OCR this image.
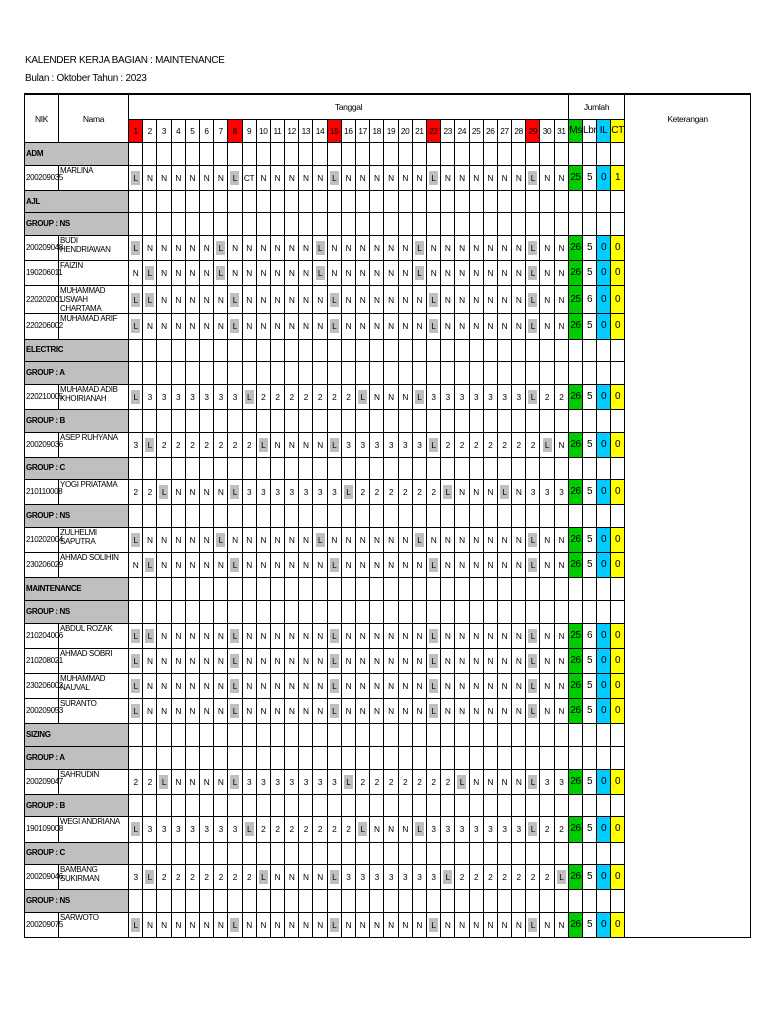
KALENDER KERJA BAGIAN : MAINTENANCE
Bulan : Oktober Tahun : 2023
NIK	Nama	Tanggal																															Jumlah				Keterangan
		1	2	3	4	5	6	7	8	9	10	11	12	13	14	15	16	17	18	19	20	21	22	23	24	25	26	27	28	29	30	31	Ms	Lbr	IL	CT	
ADM																																					
200209035	MARLINA	L	N	N	N	N	N	N	L	CT	N	N	N	N	N	L	N	N	N	N	N	N	L	N	N	N	N	N	N	L	N	N	25	5	0	1	
AJL																																					
GROUP : NS																																					
200209048	BUDI HENDRIAWAN	L	N	N	N	N	N	L	N	N	N	N	N	N	L	N	N	N	N	N	N	L	N	N	N	N	N	N	N	L	N	N	26	5	0	0	
190206011	FAIZIN	N	L	N	N	N	N	L	N	N	N	N	N	N	L	N	N	N	N	N	N	L	N	N	N	N	N	N	N	L	N	N	26	5	0	0	
220202001	MUHAMMAD USWAH CHARTAMA	L	L	N	N	N	N	N	L	N	N	N	N	N	N	L	N	N	N	N	N	N	L	N	N	N	N	N	N	L	N	N	25	6	0	0	
220206002	MUHAMAD ARIF	L	N	N	N	N	N	N	L	N	N	N	N	N	N	L	N	N	N	N	N	N	L	N	N	N	N	N	N	L	N	N	26	5	0	0	
ELECTRIC																																					
GROUP : A																																					
220210005	MUHAMAD ADIB KHOIRIANAH	L	3	3	3	3	3	3	3	L	2	2	2	2	2	2	2	L	N	N	N	L	3	3	3	3	3	3	3	L	2	2	26	5	0	0	
GROUP : B																																					
200209036	ASEP RUHYANA	3	L	2	2	2	2	2	2	2	L	N	N	N	N	L	3	3	3	3	3	3	L	2	2	2	2	2	2	2	L	N	26	5	0	0	
GROUP : C																																					
210110008	YOGI PRIATAMA	2	2	L	N	N	N	N	L	3	3	3	3	3	3	3	L	2	2	2	2	2	2	L	N	N	N	L	N	3	3	3	26	5	0	0	
GROUP : NS																																					
210202004	ZULHELMI SAPUTRA	L	N	N	N	N	N	L	N	N	N	N	N	N	L	N	N	N	N	N	N	L	N	N	N	N	N	N	N	L	N	N	26	5	0	0	
230206029	AHMAD SOLIHIN	N	L	N	N	N	N	N	L	N	N	N	N	N	N	L	N	N	N	N	N	N	L	N	N	N	N	N	N	L	N	N	26	5	0	0	
MAINTENANCE																																					
GROUP : NS																																					
210204006	ABDUL ROZAK	L	L	N	N	N	N	N	L	N	N	N	N	N	N	L	N	N	N	N	N	N	L	N	N	N	N	N	N	L	N	N	25	6	0	0	
210208021	AHMAD SOBRI	L	N	N	N	N	N	N	L	N	N	N	N	N	N	L	N	N	N	N	N	N	L	N	N	N	N	N	N	L	N	N	26	5	0	0	
230206002	MUHAMMAD NAUVAL	L	N	N	N	N	N	N	L	N	N	N	N	N	N	L	N	N	N	N	N	N	L	N	N	N	N	N	N	L	N	N	26	5	0	0	
200209053	SURANTO	L	N	N	N	N	N	N	L	N	N	N	N	N	N	L	N	N	N	N	N	N	L	N	N	N	N	N	N	L	N	N	26	5	0	0	
SIZING																																					
GROUP : A																																					
200209047	SAHRUDIN	2	2	L	N	N	N	N	L	3	3	3	3	3	3	3	L	2	2	2	2	2	2	2	L	N	N	N	N	L	3	3	26	5	0	0	
GROUP : B																																					
190109008	WEGI ANDRIANA	L	3	3	3	3	3	3	3	L	2	2	2	2	2	2	2	L	N	N	N	L	3	3	3	3	3	3	3	L	2	2	26	5	0	0	
GROUP : C																																					
200209046	BAMBANG SUKIRMAN	3	L	2	2	2	2	2	2	2	L	N	N	N	N	L	3	3	3	3	3	3	3	L	2	2	2	2	2	2	2	L	26	5	0	0	
GROUP : NS																																					
200209075	SARWOTO	L	N	N	N	N	N	N	L	N	N	N	N	N	N	L	N	N	N	N	N	N	L	N	N	N	N	N	N	L	N	N	26	5	0	0	
